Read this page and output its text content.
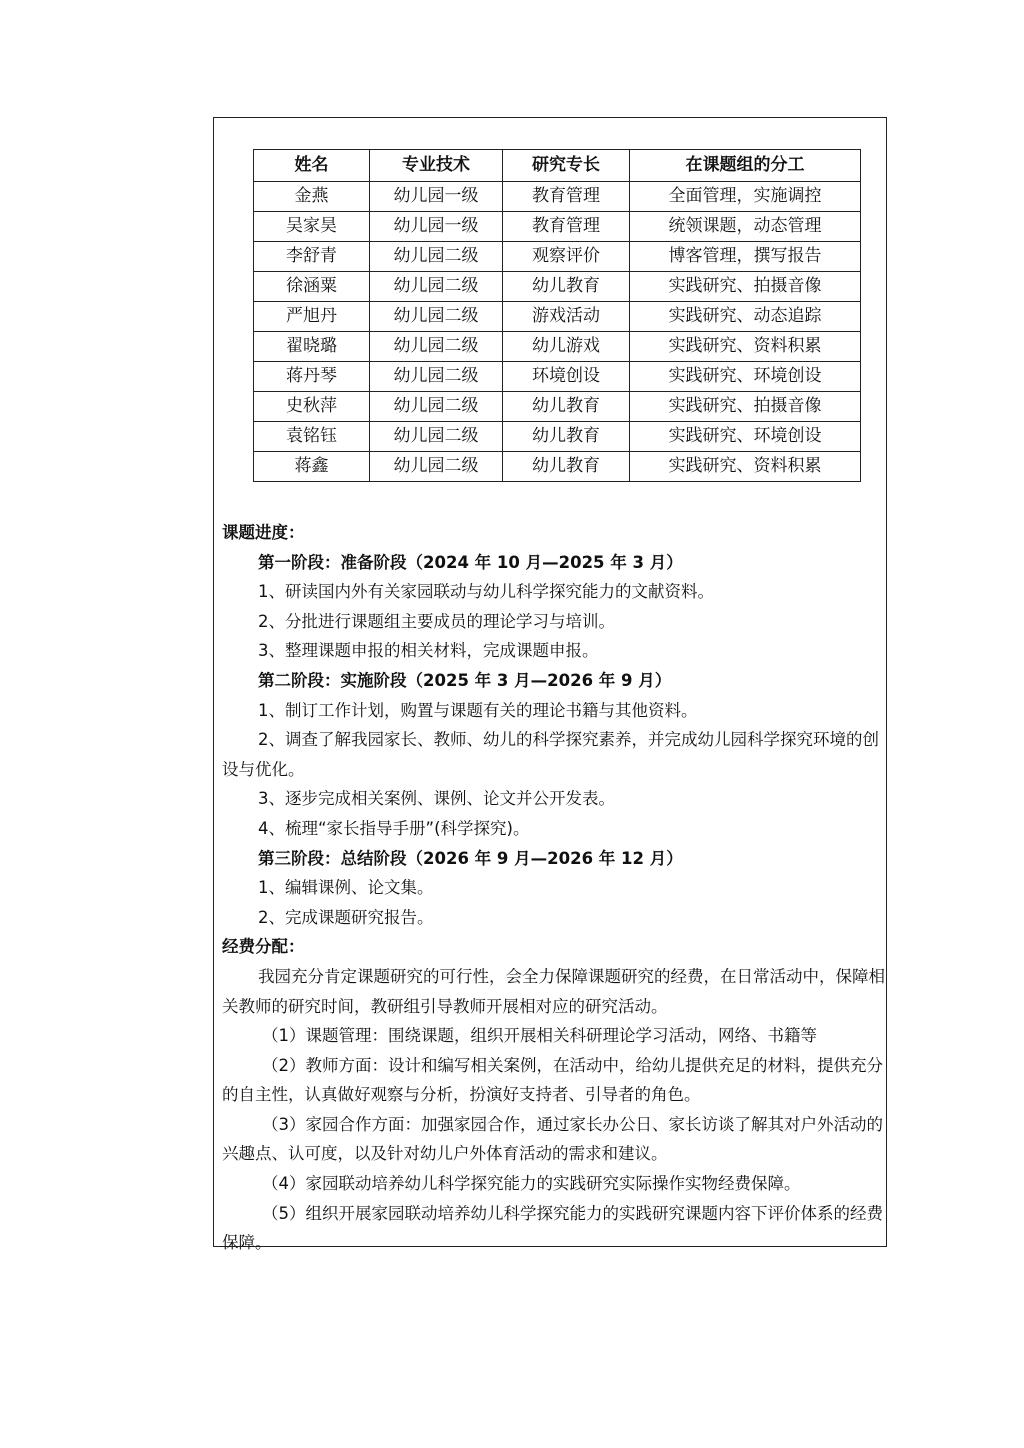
姓名	专业技术	研究专长	在课题组的分工
金燕	幼儿园一级	教育管理	全面管理，实施调控
吴家昊	幼儿园一级	教育管理	统领课题，动态管理
李舒青	幼儿园二级	观察评价	博客管理，撰写报告
徐涵粟	幼儿园二级	幼儿教育	实践研究、拍摄音像
严旭丹	幼儿园二级	游戏活动	实践研究、动态追踪
翟晓璐	幼儿园二级	幼儿游戏	实践研究、资料积累
蒋丹琴	幼儿园二级	环境创设	实践研究、环境创设
史秋萍	幼儿园二级	幼儿教育	实践研究、拍摄音像
袁铭钰	幼儿园二级	幼儿教育	实践研究、环境创设
蒋鑫	幼儿园二级	幼儿教育	实践研究、资料积累

课题进度：

第一阶段：准备阶段（2024 年 10 月—2025 年 3 月）

1、研读国内外有关家园联动与幼儿科学探究能力的文献资料。

2、分批进行课题组主要成员的理论学习与培训。

3、整理课题申报的相关材料，完成课题申报。

第二阶段：实施阶段（2025 年 3 月—2026 年 9 月）

1、制订工作计划，购置与课题有关的理论书籍与其他资料。

2、调查了解我园家长、教师、幼儿的科学探究素养，并完成幼儿园科学探究环境的创设与优化。

3、逐步完成相关案例、课例、论文并公开发表。

4、梳理“家长指导手册”(科学探究)。

第三阶段：总结阶段（2026 年 9 月—2026 年 12 月）

1、编辑课例、论文集。

2、完成课题研究报告。

经费分配：

我园充分肯定课题研究的可行性，会全力保障课题研究的经费，在日常活动中，保障相关教师的研究时间，教研组引导教师开展相对应的研究活动。

（1）课题管理：围绕课题，组织开展相关科研理论学习活动，网络、书籍等

（2）教师方面：设计和编写相关案例，在活动中，给幼儿提供充足的材料，提供充分的自主性，认真做好观察与分析，扮演好支持者、引导者的角色。

（3）家园合作方面：加强家园合作，通过家长办公日、家长访谈了解其对户外活动的兴趣点、认可度，以及针对幼儿户外体育活动的需求和建议。

（4）家园联动培养幼儿科学探究能力的实践研究实际操作实物经费保障。

（5）组织开展家园联动培养幼儿科学探究能力的实践研究课题内容下评价体系的经费保障。
